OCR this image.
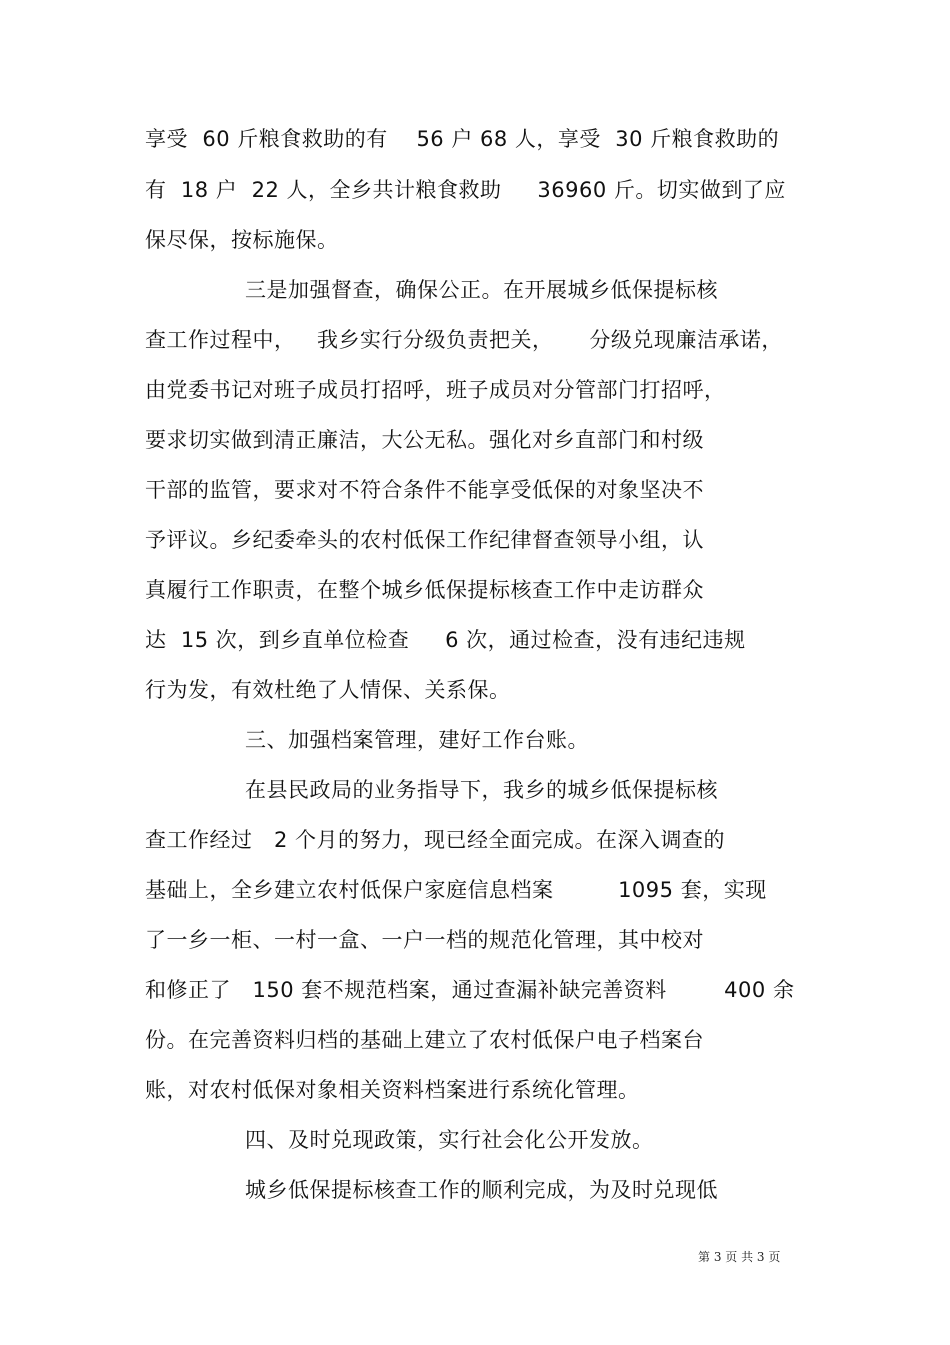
享受  60 斤粮食救助的有    56 户 68 人，享受  30 斤粮食救助的
有  18 户  22 人，全乡共计粮食救助     36960 斤。切实做到了应
保尽保，按标施保。
三是加强督查，确保公正。在开展城乡低保提标核
查工作过程中，   我乡实行分级负责把关，     分级兑现廉洁承诺，
由党委书记对班子成员打招呼，班子成员对分管部门打招呼，
要求切实做到清正廉洁，大公无私。强化对乡直部门和村级
干部的监管，要求对不符合条件不能享受低保的对象坚决不
予评议。乡纪委牵头的农村低保工作纪律督查领导小组，认
真履行工作职责，在整个城乡低保提标核查工作中走访群众
达  15 次，到乡直单位检查     6 次，通过检查，没有违纪违规
行为发，有效杜绝了人情保、关系保。
三、加强档案管理，建好工作台账。
在县民政局的业务指导下，我乡的城乡低保提标核
查工作经过   2 个月的努力，现已经全面完成。在深入调查的
基础上，全乡建立农村低保户家庭信息档案         1095 套，实现
了一乡一柜、一村一盒、一户一档的规范化管理，其中校对
和修正了   150 套不规范档案，通过查漏补缺完善资料        400 余
份。在完善资料归档的基础上建立了农村低保户电子档案台
账，对农村低保对象相关资料档案进行系统化管理。
四、及时兑现政策，实行社会化公开发放。
城乡低保提标核查工作的顺利完成，为及时兑现低
第 3 页 共 3 页
